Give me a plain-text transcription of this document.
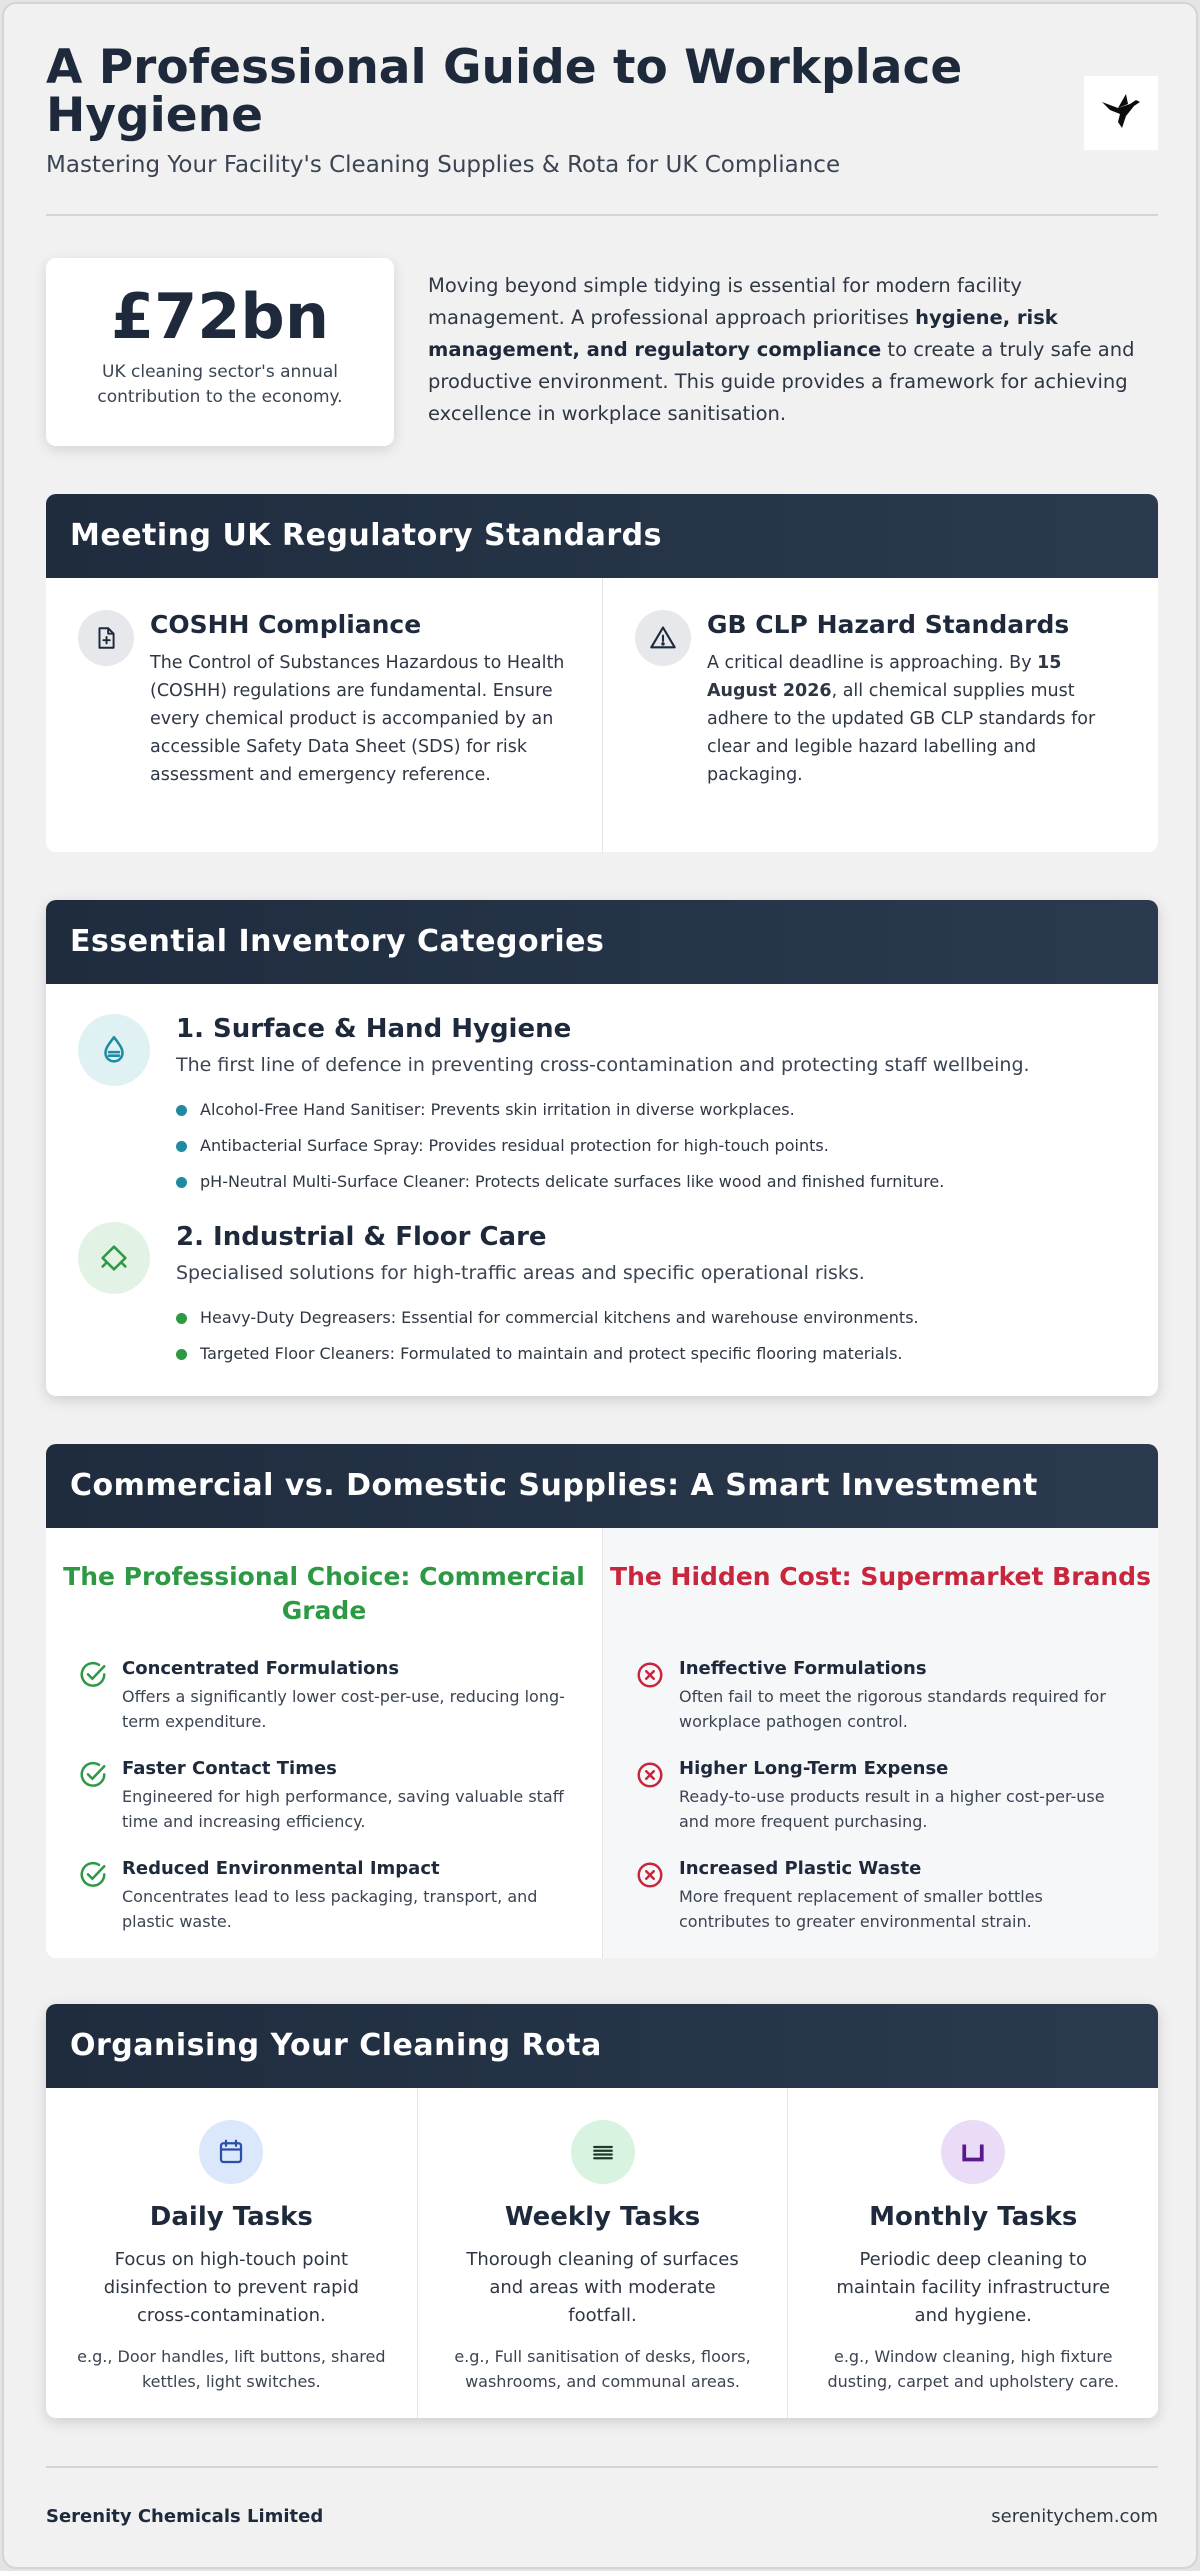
A Professional Guide to Workplace Hygiene
Mastering Your Facility's Cleaning Supplies & Rota for UK Compliance
£72bn
UK cleaning sector's annual contribution to the economy.
Moving beyond simple tidying is essential for modern facility management. A professional approach prioritises hygiene, risk management, and regulatory compliance to create a truly safe and productive environment. This guide provides a framework for achieving excellence in workplace sanitisation.
Meeting UK Regulatory Standards
COSHH Compliance

The Control of Substances Hazardous to Health (COSHH) regulations are fundamental. Ensure every chemical product is accompanied by an accessible Safety Data Sheet (SDS) for risk assessment and emergency reference.

GB CLP Hazard Standards

A critical deadline is approaching. By 15 August 2026, all chemical supplies must adhere to the updated GB CLP standards for clear and legible hazard labelling and packaging.

Essential Inventory Categories
1. Surface & Hand Hygiene
The first line of defence in preventing cross-contamination and protecting staff wellbeing.
Alcohol-Free Hand Sanitiser: Prevents skin irritation in diverse workplaces.
Antibacterial Surface Spray: Provides residual protection for high-touch points.
pH-Neutral Multi-Surface Cleaner: Protects delicate surfaces like wood and finished furniture.
2. Industrial & Floor Care
Specialised solutions for high-traffic areas and specific operational risks.
Heavy-Duty Degreasers: Essential for commercial kitchens and warehouse environments.
Targeted Floor Cleaners: Formulated to maintain and protect specific flooring materials.
Commercial vs. Domestic Supplies: A Smart Investment
The Professional Choice: Commercial Grade
Concentrated Formulations

Offers a significantly lower cost-per-use, reducing long-term expenditure.

Faster Contact Times

Engineered for high performance, saving valuable staff time and increasing efficiency.

Reduced Environmental Impact

Concentrates lead to less packaging, transport, and plastic waste.

The Hidden Cost: Supermarket Brands
Ineffective Formulations

Often fail to meet the rigorous standards required for workplace pathogen control.

Higher Long-Term Expense

Ready-to-use products result in a higher cost-per-use and more frequent purchasing.

Increased Plastic Waste

More frequent replacement of smaller bottles contributes to greater environmental strain.

Organising Your Cleaning Rota
Daily Tasks
Focus on high-touch point disinfection to prevent rapid cross-contamination.
e.g., Door handles, lift buttons, shared kettles, light switches.
Weekly Tasks
Thorough cleaning of surfaces and areas with moderate footfall.
e.g., Full sanitisation of desks, floors, washrooms, and communal areas.
Monthly Tasks
Periodic deep cleaning to maintain facility infrastructure and hygiene.
e.g., Window cleaning, high fixture dusting, carpet and upholstery care.
Serenity Chemicals Limited	serenitychem.com
